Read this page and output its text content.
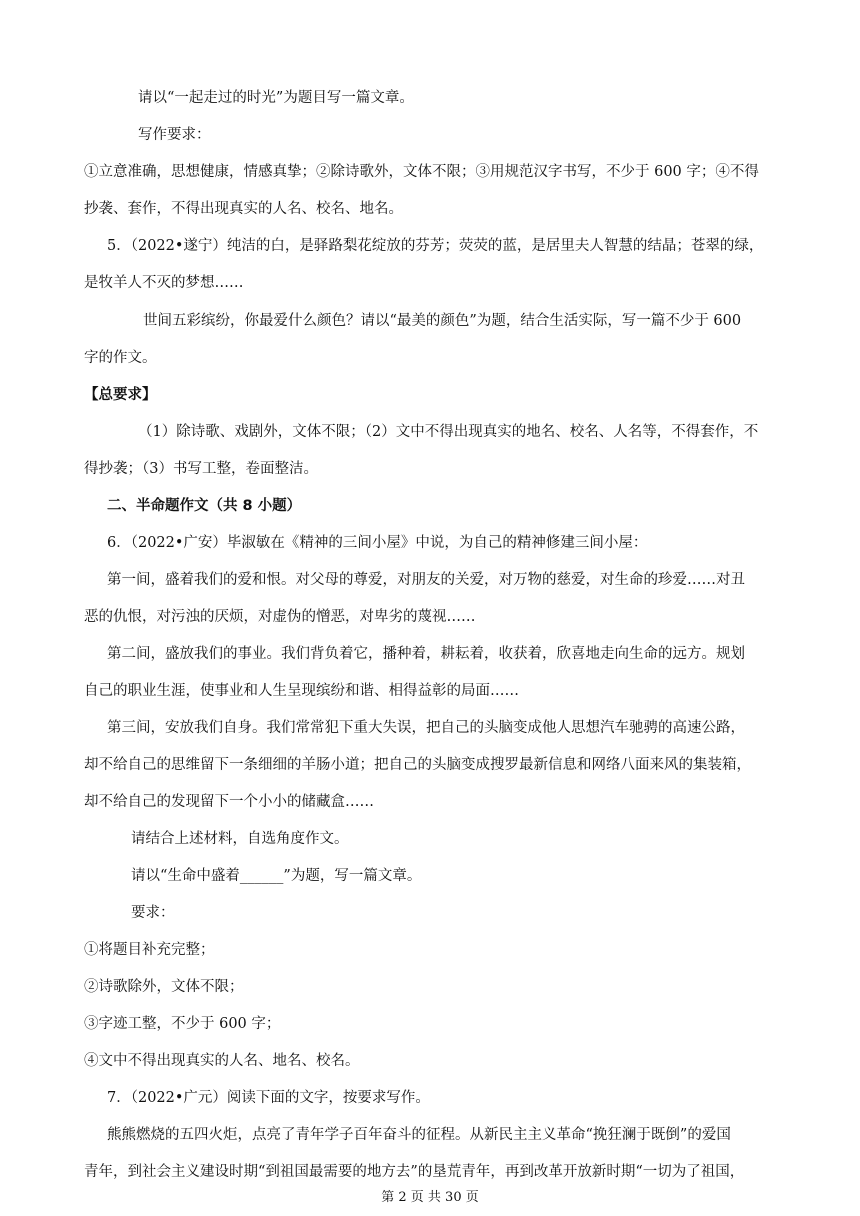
请以“一起走过的时光”为题目写一篇文章。
写作要求：
①立意准确，思想健康，情感真挚；②除诗歌外，文体不限；③用规范汉字书写，不少于 600 字；④不得
抄袭、套作，不得出现真实的人名、校名、地名。
5．（2022•遂宁）纯洁的白，是驿路梨花绽放的芬芳；荧荧的蓝，是居里夫人智慧的结晶；苍翠的绿，
是牧羊人不灭的梦想……
世间五彩缤纷，你最爱什么颜色？请以“最美的颜色”为题，结合生活实际，写一篇不少于 600
字的作文。
【总要求】
（1）除诗歌、戏剧外，文体不限；（2）文中不得出现真实的地名、校名、人名等，不得套作，不
得抄袭；（3）书写工整，卷面整洁。
二、半命题作文（共 8 小题）
6．（2022•广安）毕淑敏在《精神的三间小屋》中说，为自己的精神修建三间小屋：
第一间，盛着我们的爱和恨。对父母的尊爱，对朋友的关爱，对万物的慈爱，对生命的珍爱……对丑
恶的仇恨，对污浊的厌烦，对虚伪的憎恶，对卑劣的蔑视……
第二间，盛放我们的事业。我们背负着它，播种着，耕耘着，收获着，欣喜地走向生命的远方。规划
自己的职业生涯，使事业和人生呈现缤纷和谐、相得益彰的局面……
第三间，安放我们自身。我们常常犯下重大失误，把自己的头脑变成他人思想汽车驰骋的高速公路，
却不给自己的思维留下一条细细的羊肠小道；把自己的头脑变成搜罗最新信息和网络八面来风的集装箱，
却不给自己的发现留下一个小小的储藏盒……
请结合上述材料，自选角度作文。
请以“生命中盛着______”为题，写一篇文章。
要求：
①将题目补充完整；
②诗歌除外，文体不限；
③字迹工整，不少于 600 字；
④文中不得出现真实的人名、地名、校名。
7．（2022•广元）阅读下面的文字，按要求写作。
熊熊燃烧的五四火炬，点亮了青年学子百年奋斗的征程。从新民主主义革命“挽狂澜于既倒”的爱国
青年，到社会主义建设时期“到祖国最需要的地方去”的垦荒青年，再到改革开放新时期“一切为了祖国，
第 2 页 共 30 页
